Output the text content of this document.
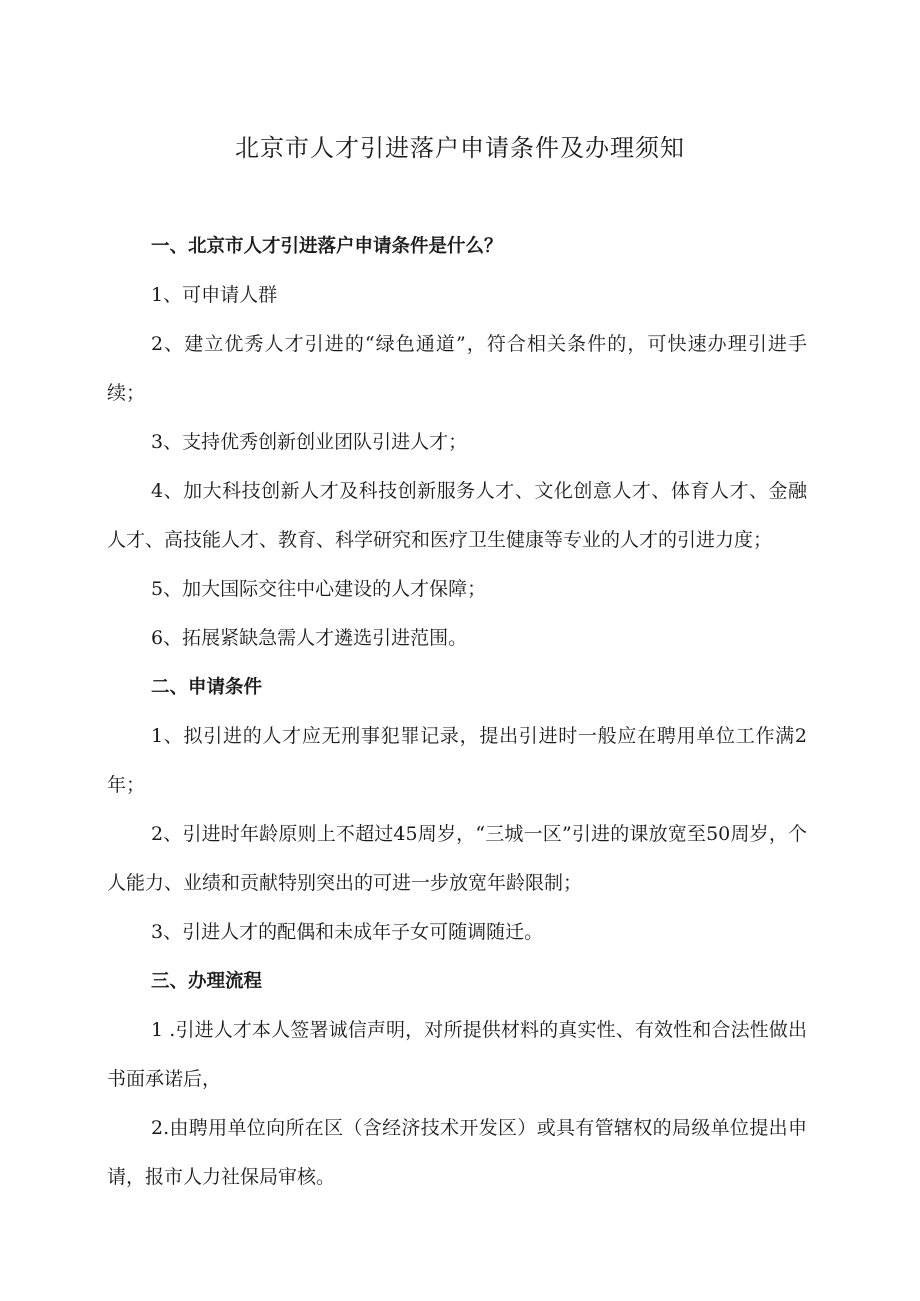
北京市人才引进落户申请条件及办理须知

一、北京市人才引进落户申请条件是什么？

1、可申请人群

2、建立优秀人才引进的“绿色通道”，符合相关条件的，可快速办理引进手续；

3、支持优秀创新创业团队引进人才；

4、加大科技创新人才及科技创新服务人才、文化创意人才、体育人才、金融人才、高技能人才、教育、科学研究和医疗卫生健康等专业的人才的引进力度；

5、加大国际交往中心建设的人才保障；

6、拓展紧缺急需人才遴选引进范围。

二、申请条件

1、拟引进的人才应无刑事犯罪记录，提出引进时一般应在聘用单位工作满2年；

2、引进时年龄原则上不超过45周岁，“三城一区”引进的课放宽至50周岁，个人能力、业绩和贡献特别突出的可进一步放宽年龄限制；

3、引进人才的配偶和未成年子女可随调随迁。

三、办理流程

1 .引进人才本人签署诚信声明，对所提供材料的真实性、有效性和合法性做出书面承诺后，

2.由聘用单位向所在区（含经济技术开发区）或具有管辖权的局级单位提出申请，报市人力社保局审核。
